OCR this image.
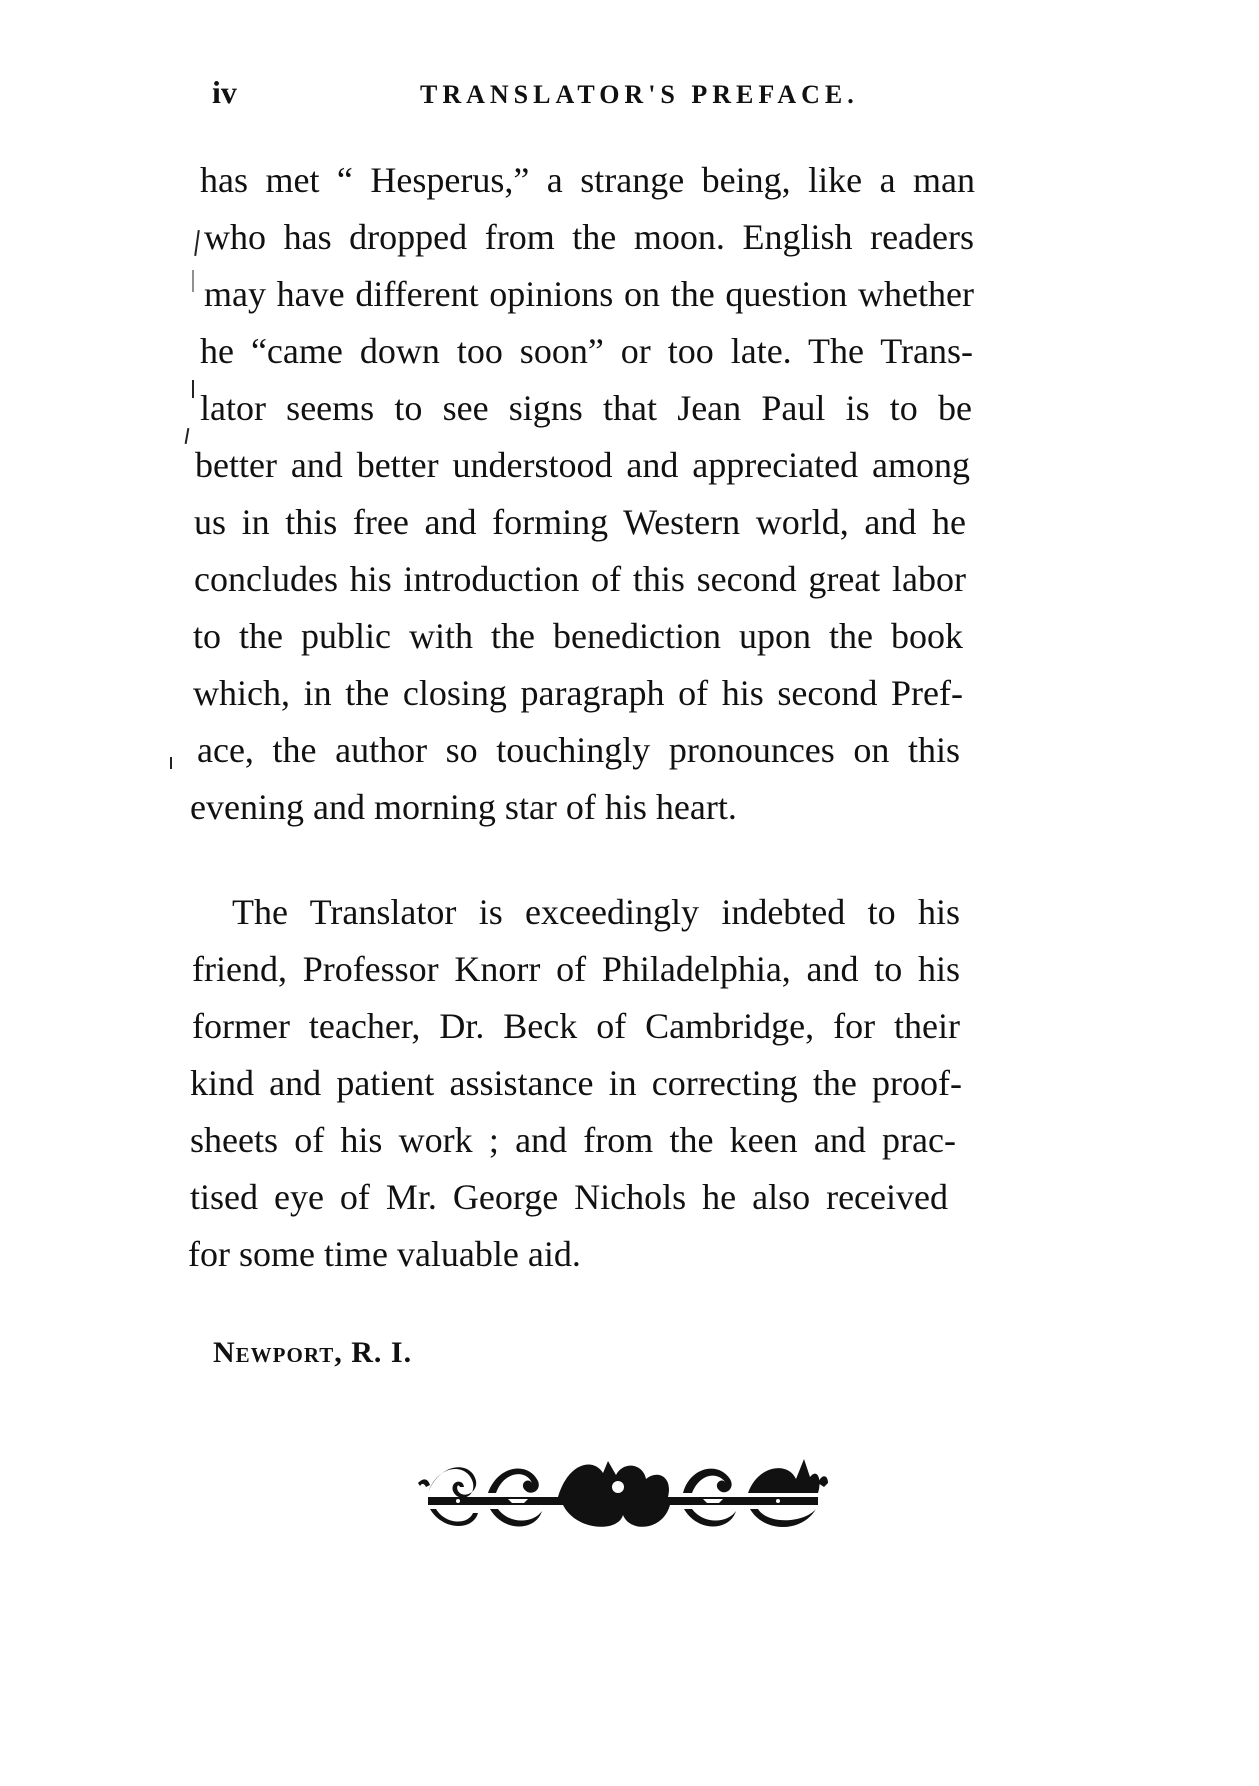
iv	TRANSLATOR'S PREFACE.
has met “ Hesperus,” a strange being, like a man
who has dropped from the moon. English readers
may have different opinions on the question whether
he “came down too soon” or too late. The Trans-
lator seems to see signs that Jean Paul is to be
better and better understood and appreciated among
us in this free and forming Western world, and he
concludes his introduction of this second great labor
to the public with the benediction upon the book
which, in the closing paragraph of his second Pref-
ace, the author so touchingly pronounces on this
evening and morning star of his heart.
The Translator is exceedingly indebted to his
friend, Professor Knorr of Philadelphia, and to his
former teacher, Dr. Beck of Cambridge, for their
kind and patient assistance in correcting the proof-
sheets of his work ; and from the keen and prac-
tised eye of Mr. George Nichols he also received
for some time valuable aid.
Newport, R. I.
